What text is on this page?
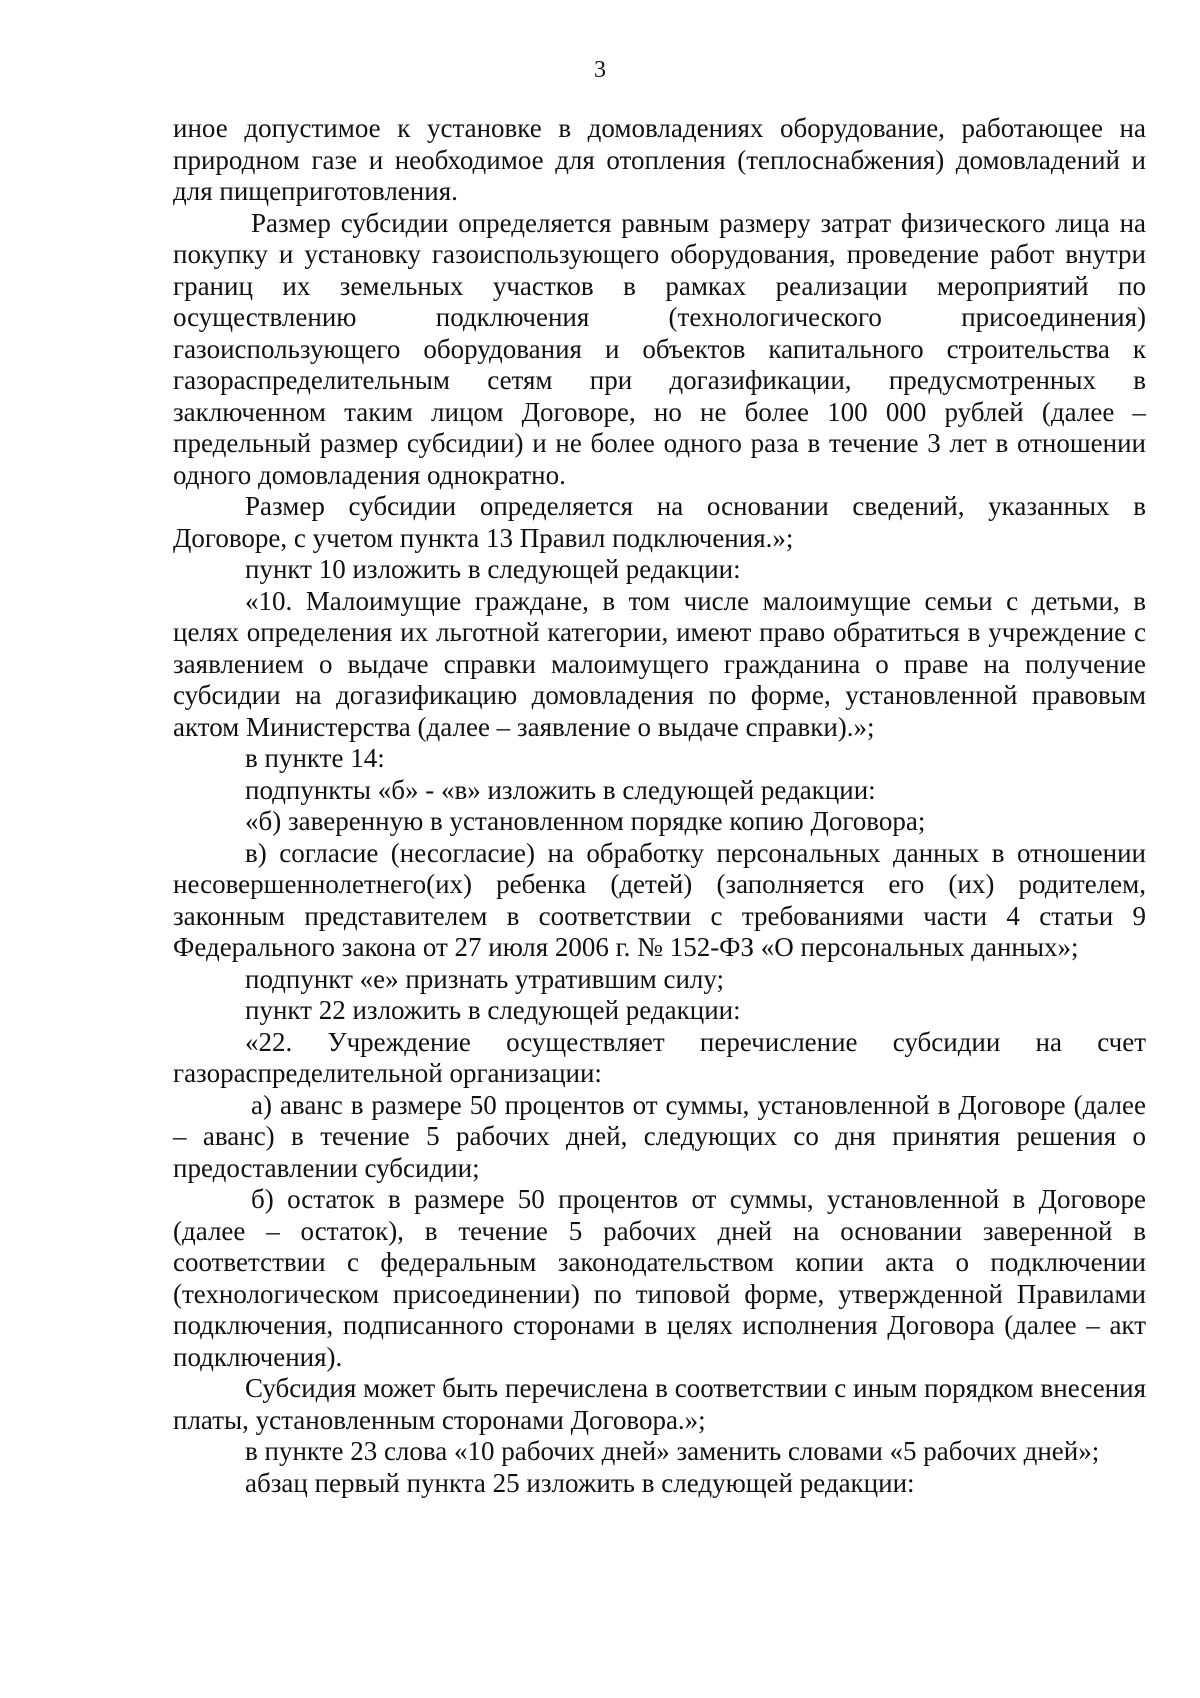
3

иное допустимое к установке в домовладениях оборудование, работающее на природном газе и необходимое для отопления (теплоснабжения) домовладений и для пищеприготовления.

Размер субсидии определяется равным размеру затрат физического лица на покупку и установку газоиспользующего оборудования, проведение работ внутри границ их земельных участков в рамках реализации мероприятий по осуществлению подключения (технологического присоединения) газоиспользующего оборудования и объектов капитального строительства к газораспределительным сетям при догазификации, предусмотренных в заключенном таким лицом Договоре, но не более 100 000 рублей (далее – предельный размер субсидии) и не более одного раза в течение 3 лет в отношении одного домовладения однократно.

Размер субсидии определяется на основании сведений, указанных в Договоре, с учетом пункта 13 Правил подключения.»;

пункт 10 изложить в следующей редакции:

«10. Малоимущие граждане, в том числе малоимущие семьи с детьми, в целях определения их льготной категории, имеют право обратиться в учреждение с заявлением о выдаче справки малоимущего гражданина о праве на получение субсидии на догазификацию домовладения по форме, установленной правовым актом Министерства (далее – заявление о выдаче справки).»;

в пункте 14:

подпункты «б» - «в» изложить в следующей редакции:

«б) заверенную в установленном порядке копию Договора;

в) согласие (несогласие) на обработку персональных данных в отношении несовершеннолетнего(их) ребенка (детей) (заполняется его (их) родителем, законным представителем в соответствии с требованиями части 4 статьи 9 Федерального закона от 27 июля 2006 г. № 152-ФЗ «О персональных данных»;

подпункт «е» признать утратившим силу;

пункт 22 изложить в следующей редакции:

«22. Учреждение осуществляет перечисление субсидии на счет газораспределительной организации:

а) аванс в размере 50 процентов от суммы, установленной в Договоре (далее – аванс) в течение 5 рабочих дней, следующих со дня принятия решения о предоставлении субсидии;

б) остаток в размере 50 процентов от суммы, установленной в Договоре (далее – остаток), в течение 5 рабочих дней на основании заверенной в соответствии с федеральным законодательством копии акта о подключении (технологическом присоединении) по типовой форме, утвержденной Правилами подключения, подписанного сторонами в целях исполнения Договора (далее – акт подключения).

Субсидия может быть перечислена в соответствии с иным порядком внесения платы, установленным сторонами Договора.»;

в пункте 23 слова «10 рабочих дней» заменить словами «5 рабочих дней»;

абзац первый пункта 25 изложить в следующей редакции:
